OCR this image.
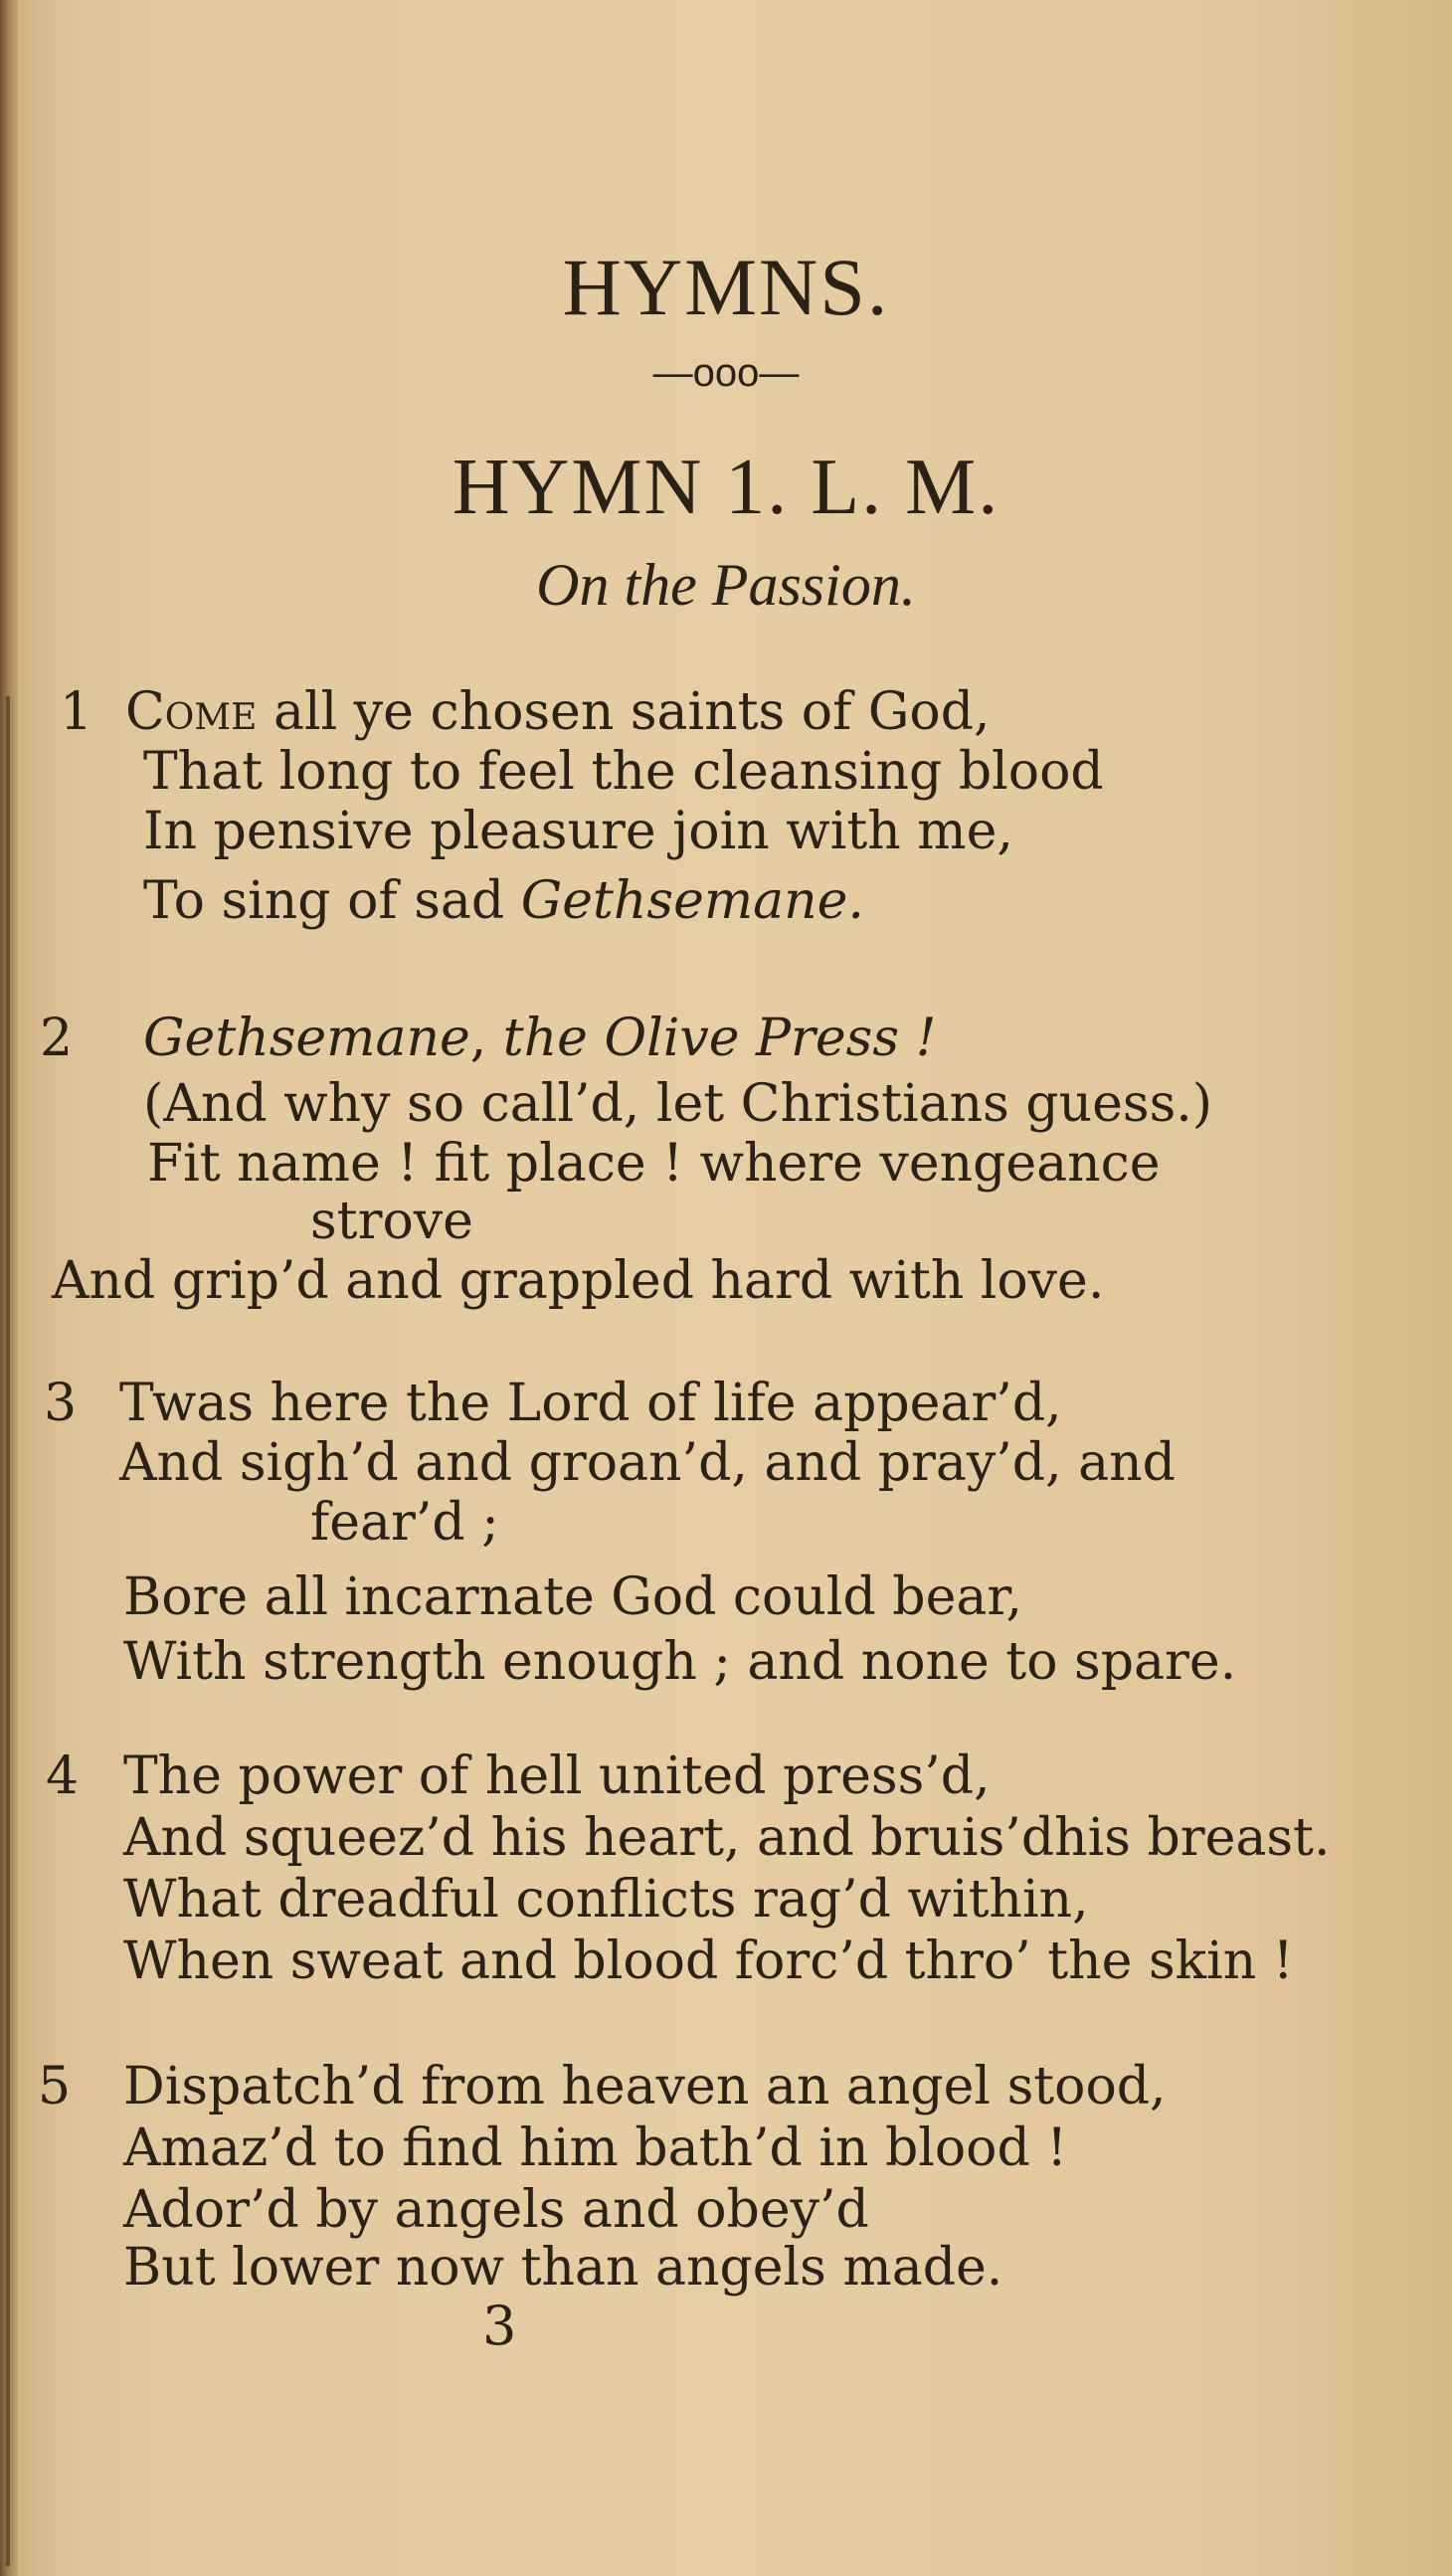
HYMNS.
—ooo—
HYMN 1. L. M.
On the Passion.
1 Come all ye chosen saints of God,
That long to feel the cleansing blood
In pensive pleasure join with me,
To sing of sad Gethsemane.
2 Gethsemane, the Olive Press !
(And why so call’d, let Christians guess.)
Fit name ! fit place ! where vengeance
strove
And grip’d and grappled hard with love.
3 Twas here the Lord of life appear’d,
And sigh’d and groan’d, and pray’d, and
fear’d ;
Bore all incarnate God could bear,
With strength enough ; and none to spare.
4 The power of hell united press’d,
And squeez’d his heart, and bruis’dhis breast.
What dreadful conflicts rag’d within,
When sweat and blood forc’d thro’ the skin !
5 Dispatch’d from heaven an angel stood,
Amaz’d to find him bath’d in blood !
Ador’d by angels and obey’d
But lower now than angels made.
3
